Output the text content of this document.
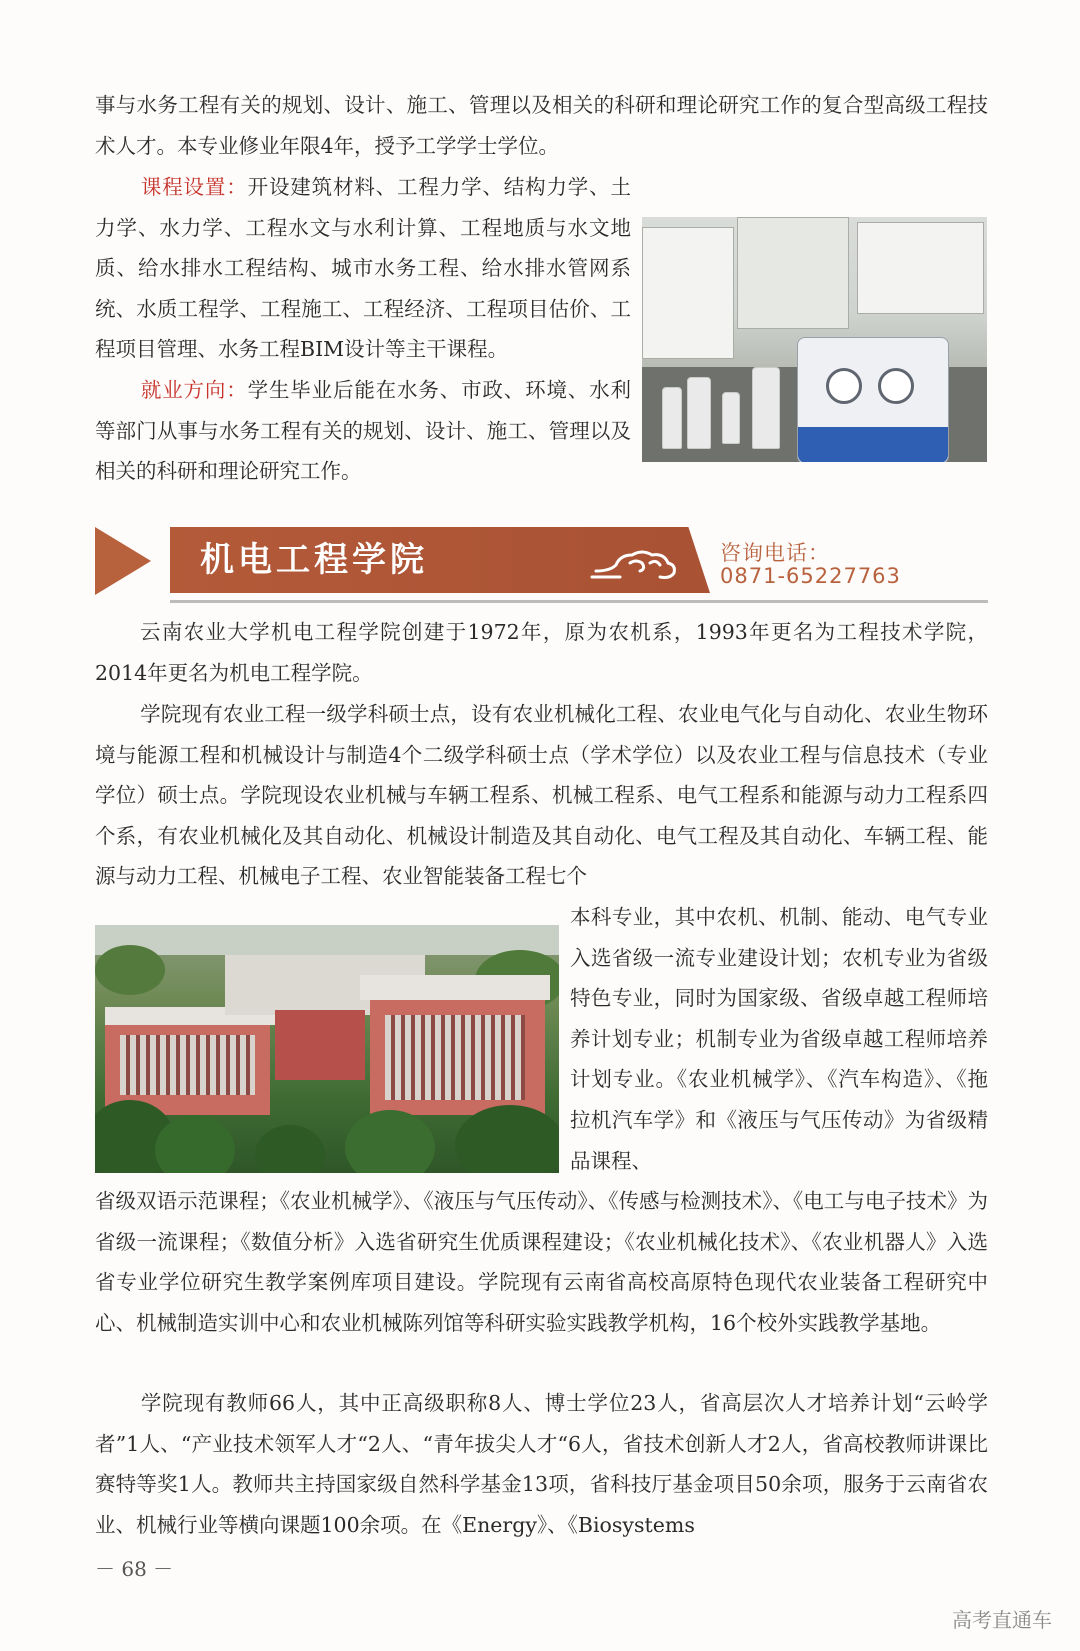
事与水务工程有关的规划、设计、施工、管理以及相关的科研和理论研究工作的复合型高级工程技术人才。本专业修业年限4年，授予工学学士学位。

课程设置：开设建筑材料、工程力学、结构力学、土力学、水力学、工程水文与水利计算、工程地质与水文地质、给水排水工程结构、城市水务工程、给水排水管网系统、水质工程学、工程施工、工程经济、工程项目估价、工程项目管理、水务工程BIM设计等主干课程。
就业方向：学生毕业后能在水务、市政、环境、水利等部门从事与水务工程有关的规划、设计、施工、管理以及相关的科研和理论研究工作。
机电工程学院	咨询电话：
0871-65227763

云南农业大学机电工程学院创建于1972年，原为农机系，1993年更名为工程技术学院，2014年更名为机电工程学院。

学院现有农业工程一级学科硕士点，设有农业机械化工程、农业电气化与自动化、农业生物环境与能源工程和机械设计与制造4个二级学科硕士点（学术学位）以及农业工程与信息技术（专业学位）硕士点。学院现设农业机械与车辆工程系、机械工程系、电气工程系和能源与动力工程系四个系，有农业机械化及其自动化、机械设计制造及其自动化、电气工程及其自动化、车辆工程、能源与动力工程、机械电子工程、农业智能装备工程七个
本科专业，其中农机、机制、能动、电气专业入选省级一流专业建设计划；农机专业为省级特色专业，同时为国家级、省级卓越工程师培养计划专业；机制专业为省级卓越工程师培养计划专业。《农业机械学》、《汽车构造》、《拖拉机汽车学》和《液压与气压传动》为省级精品课程、
省级双语示范课程；《农业机械学》、《液压与气压传动》、《传感与检测技术》、《电工与电子技术》为省级一流课程；《数值分析》入选省研究生优质课程建设；《农业机械化技术》、《农业机器人》入选省专业学位研究生教学案例库项目建设。学院现有云南省高校高原特色现代农业装备工程研究中心、机械制造实训中心和农业机械陈列馆等科研实验实践教学机构，16个校外实践教学基地。
学院现有教师66人，其中正高级职称8人、博士学位23人，省高层次人才培养计划“云岭学者”1人、“产业技术领军人才“2人、“青年拔尖人才“6人，省技术创新人才2人，省高校教师讲课比赛特等奖1人。教师共主持国家级自然科学基金13项，省科技厅基金项目50余项，服务于云南省农业、机械行业等横向课题100余项。在《Energy》、《Biosystems
－ 68 －
高考直通车
